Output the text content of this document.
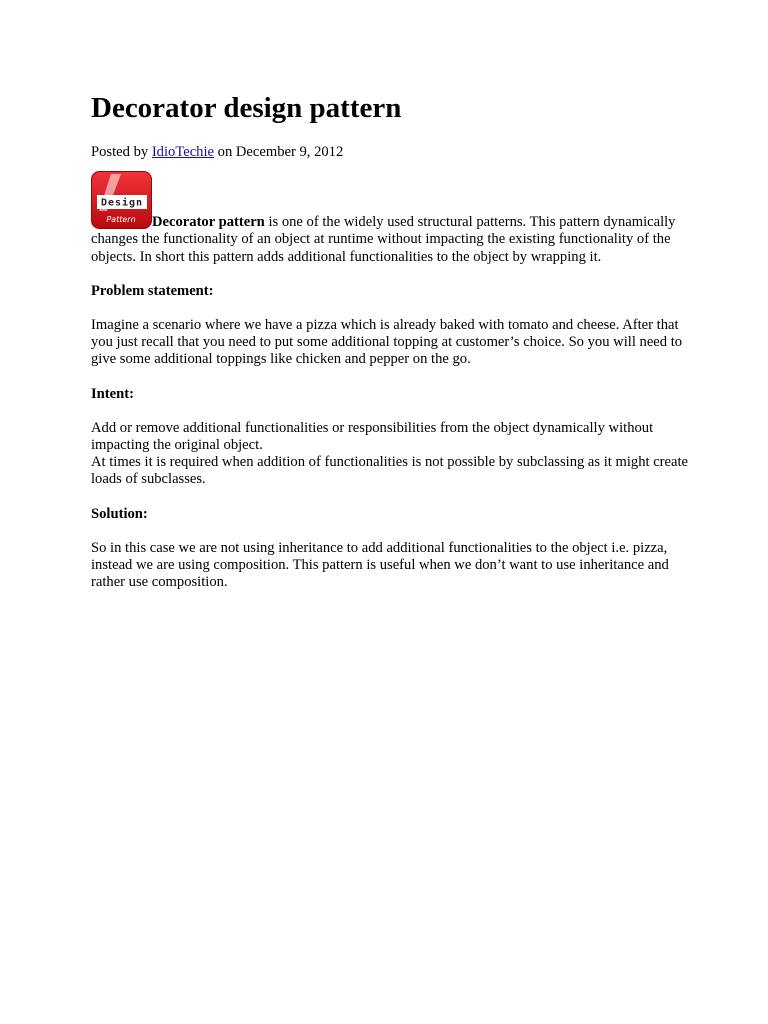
Decorator design pattern

Posted by IdioTechie on December 9, 2012

Design
Pattern	Decorator pattern is one of the widely used structural patterns. This pattern dynamically changes the functionality of an object at runtime without impacting the existing functionality of the objects. In short this pattern adds additional functionalities to the object by wrapping it.

Problem statement:

Imagine a scenario where we have a pizza which is already baked with tomato and cheese. After that you just recall that you need to put some additional topping at customer’s choice. So you will need to give some additional toppings like chicken and pepper on the go.

Intent:

Add or remove additional functionalities or responsibilities from the object dynamically without impacting the original object.
At times it is required when addition of functionalities is not possible by subclassing as it might create loads of subclasses.

Solution:

So in this case we are not using inheritance to add additional functionalities to the object i.e. pizza, instead we are using composition. This pattern is useful when we don’t want to use inheritance and rather use composition.
